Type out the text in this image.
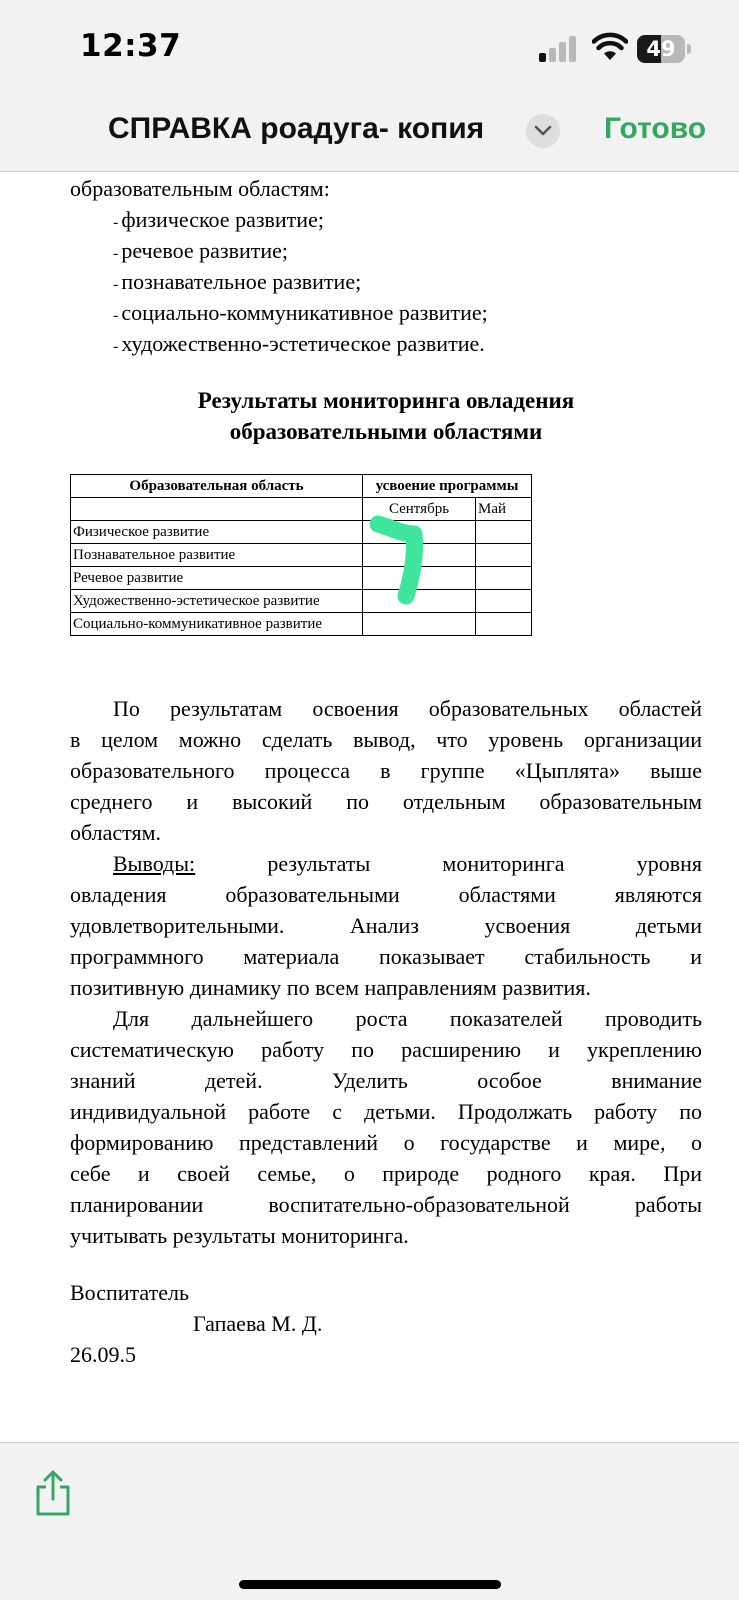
12:37	49
СПРАВКА роадуга- копия	Готово
образовательным областям:
- физическое развитие;
- речевое развитие;
- познавательное развитие;
- социально-коммуникативное развитие;
- художественно-эстетическое развитие.
Результаты мониторинга овладения
образовательными областями
Образовательная область	усвоение программы	
	Сентябрь	Май
Физическое развитие		
Познавательное развитие		
Речевое развитие		
Художественно-эстетическое развитие		
Социально-коммуникативное развитие		
По результатам освоения образовательных областей
в целом можно сделать вывод, что уровень организации
образовательного процесса в группе «Цыплята» выше
среднего и высокий по отдельным образовательным
областям.
Выводы:	результаты мониторинга уровня
овладения образовательными областями являются
удовлетворительными. Анализ усвоения детьми
программного материала показывает стабильность и
позитивную динамику по всем направлениям развития.
Для дальнейшего роста показателей проводить
систематическую работу по расширению и укреплению
знаний детей. Уделить особое внимание
индивидуальной работе с детьми. Продолжать работу по
формированию представлений о государстве и мире, о
себе и своей семье, о природе родного края. При
планировании воспитательно-образовательной работы
учитывать результаты мониторинга.
Воспитатель
Гапаева М. Д.
26.09.5
